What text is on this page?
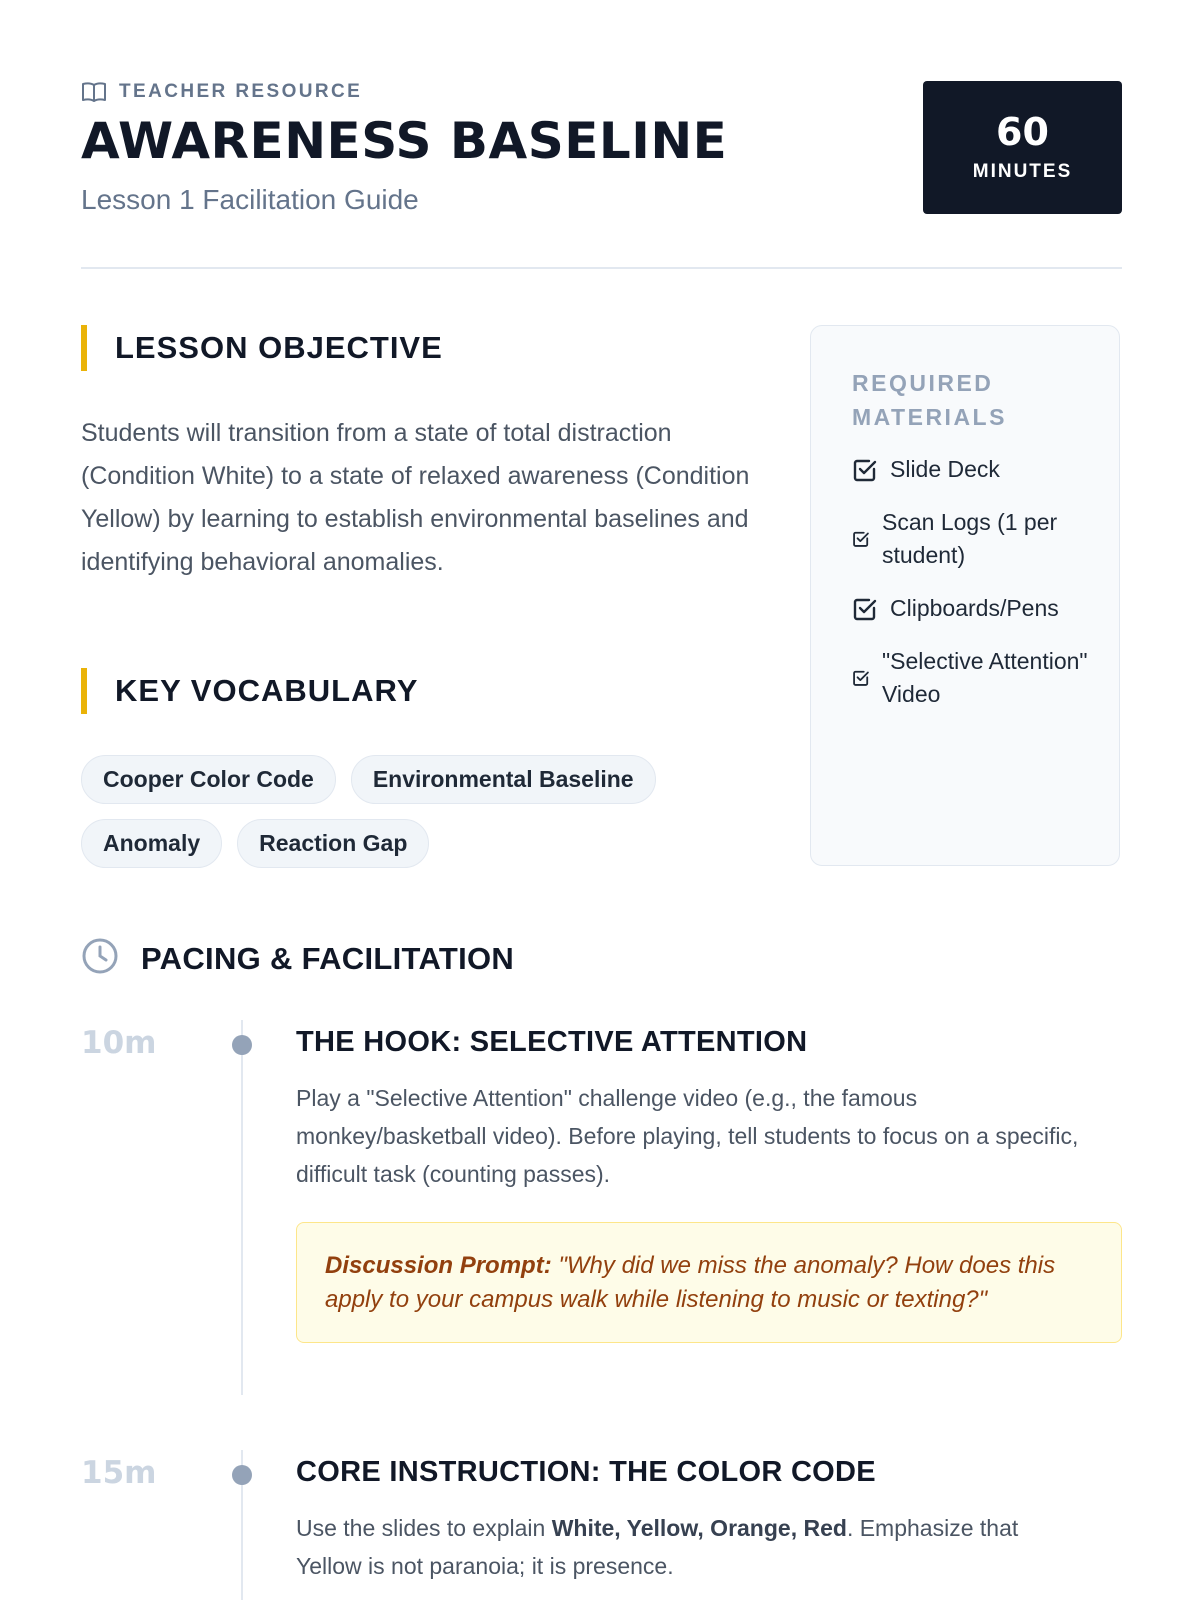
TEACHER RESOURCE
AWARENESS BASELINE
Lesson 1 Facilitation Guide
60
MINUTES
LESSON OBJECTIVE

Students will transition from a state of total distraction (Condition White) to a state of relaxed awareness (Condition Yellow) by learning to establish environmental baselines and identifying behavioral anomalies.

KEY VOCABULARY
Cooper Color Code	Environmental Baseline
Anomaly	Reaction Gap
REQUIRED MATERIALS
Slide Deck
Scan Logs (1 per student)
Clipboards/Pens
"Selective Attention" Video
PACING & FACILITATION
10m	THE HOOK: SELECTIVE ATTENTION

Play a "Selective Attention" challenge video (e.g., the famous monkey/basketball video). Before playing, tell students to focus on a specific, difficult task (counting passes).

Discussion Prompt: "Why did we miss the anomaly? How does this apply to your campus walk while listening to music or texting?"
15m	CORE INSTRUCTION: THE COLOR CODE

Use the slides to explain White, Yellow, Orange, Red. Emphasize that Yellow is not paranoia; it is presence.
